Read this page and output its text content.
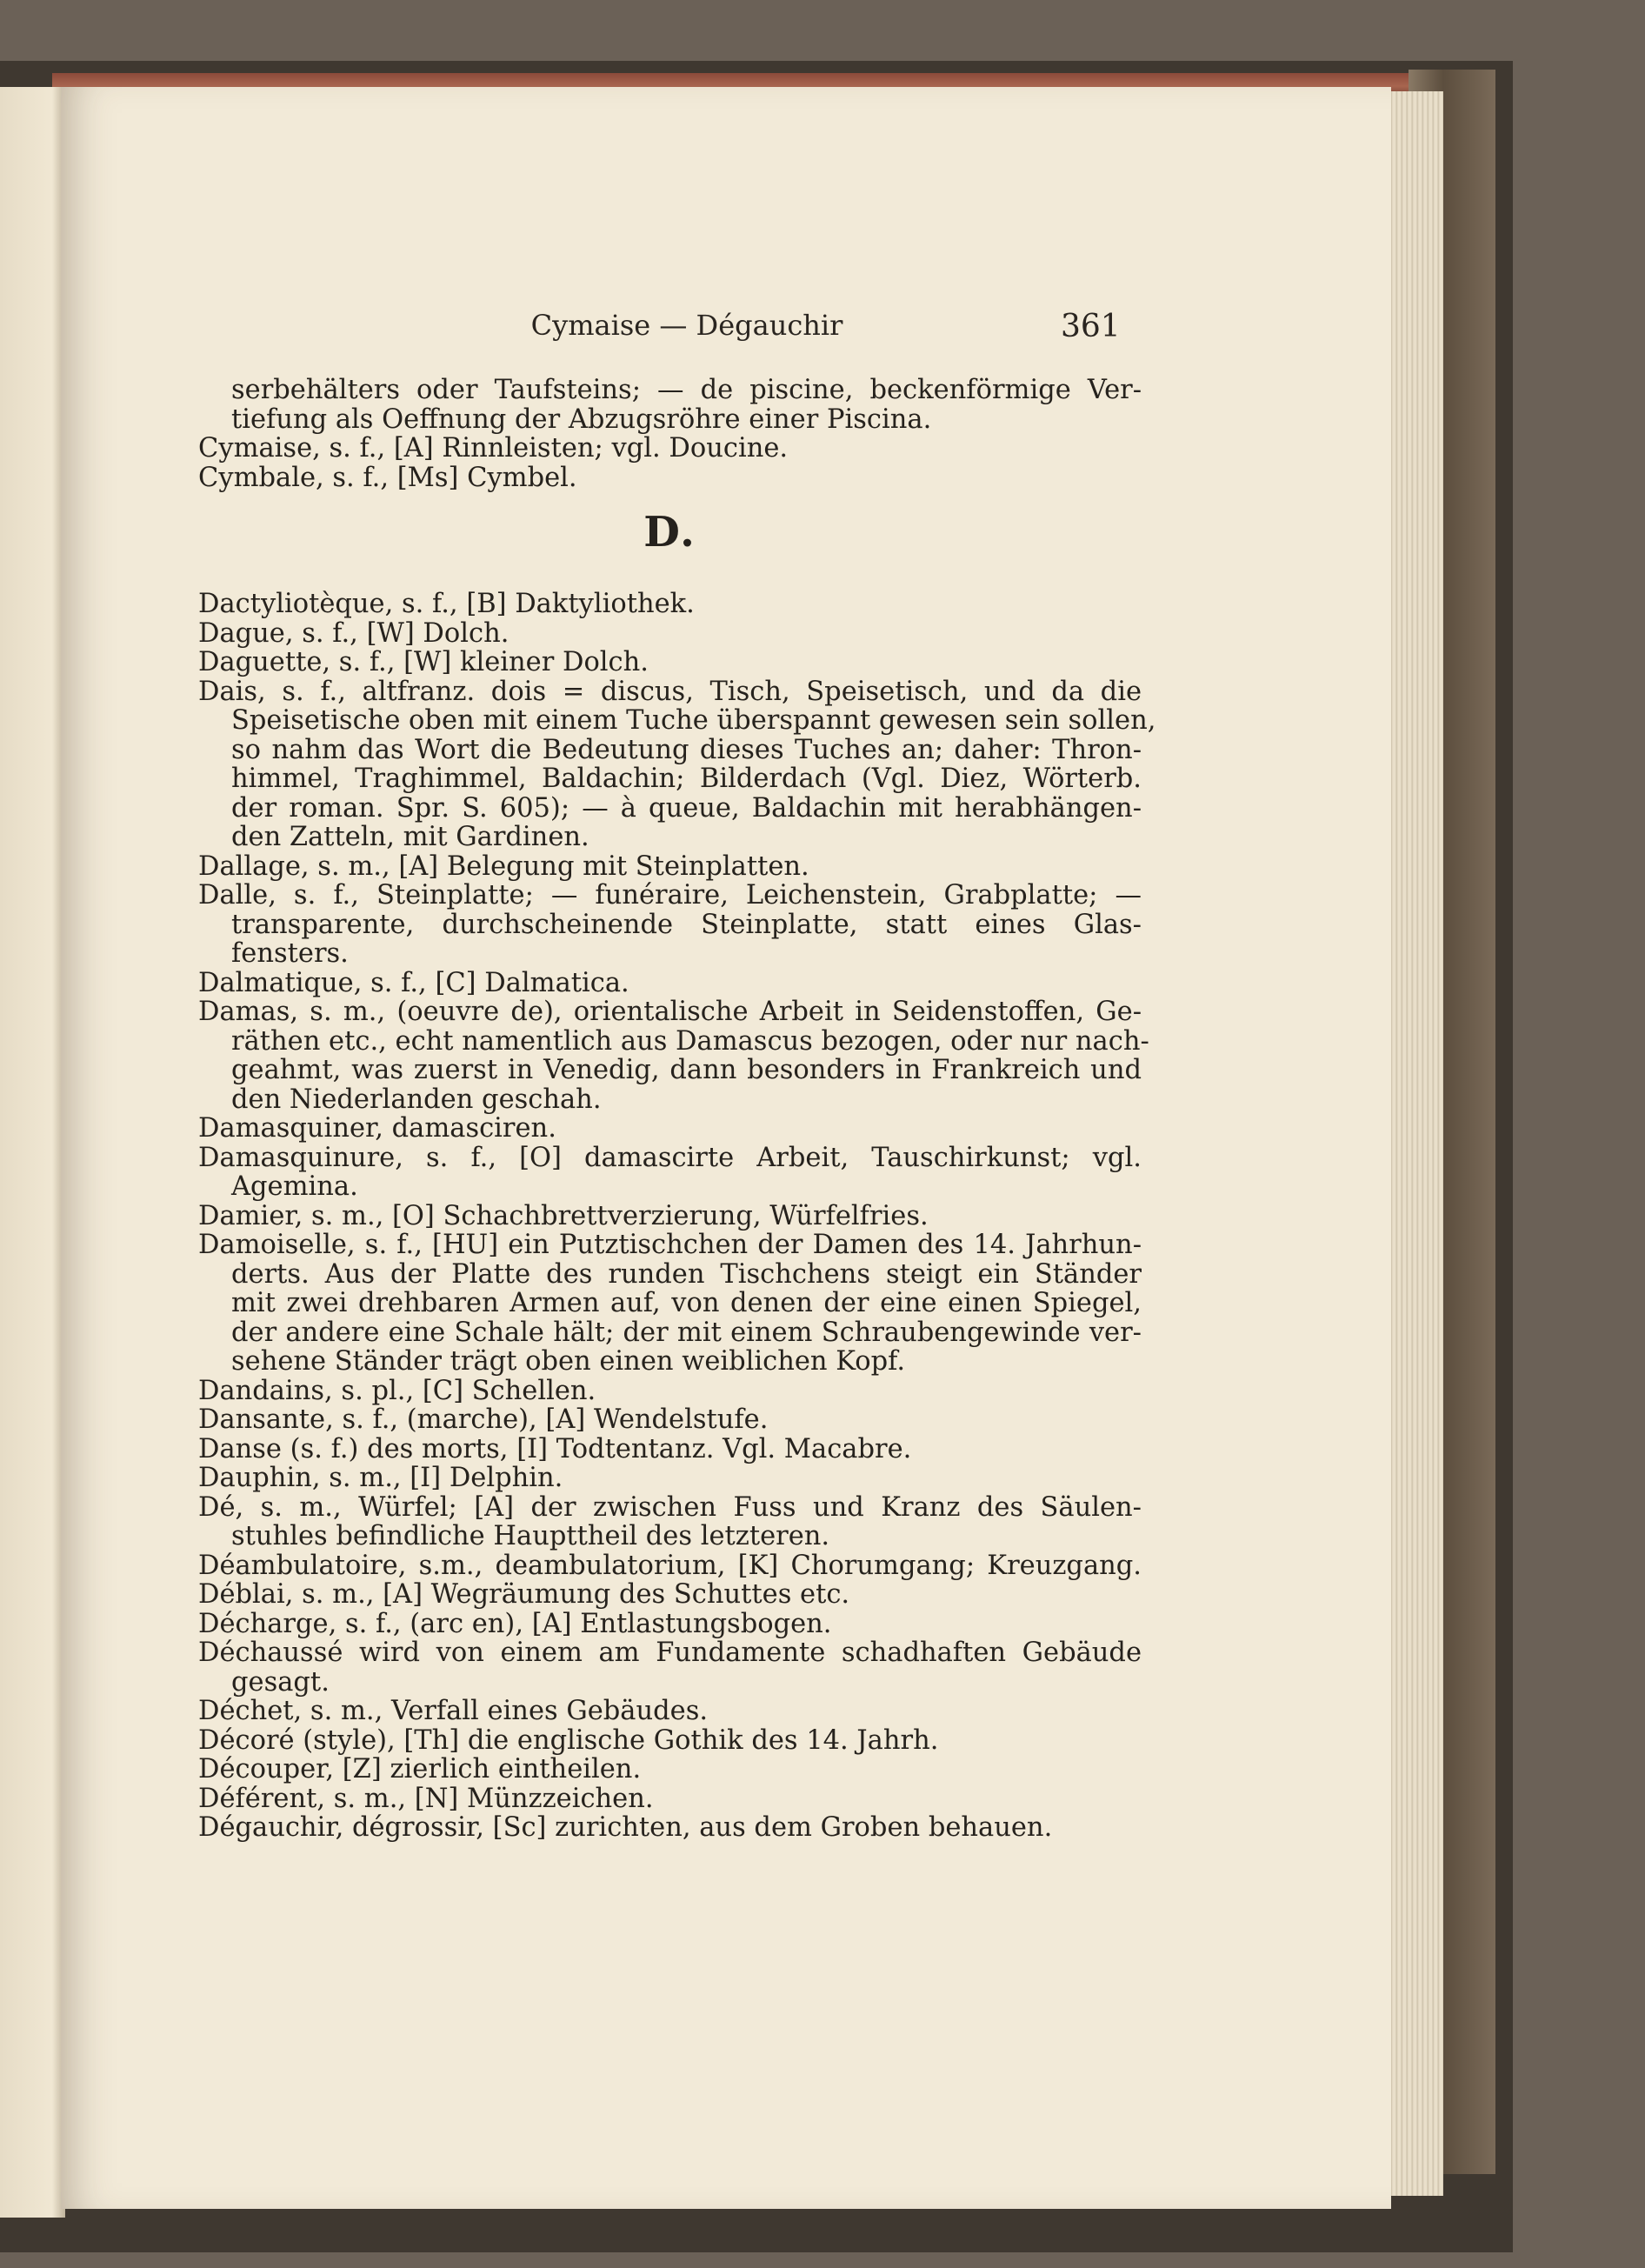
Cymaise — Dégauchir	361
serbehälters oder Taufsteins; — de piscine, beckenförmige Ver-
tiefung als Oeffnung der Abzugsröhre einer Piscina.
Cymaise, s. f., [A] Rinnleisten; vgl. Doucine.
Cymbale, s. f., [Ms] Cymbel.
D.
Dactyliotèque, s. f., [B] Daktyliothek.
Dague, s. f., [W] Dolch.
Daguette, s. f., [W] kleiner Dolch.
Dais, s. f., altfranz. dois = discus, Tisch, Speisetisch, und da die
Speisetische oben mit einem Tuche überspannt gewesen sein sollen,
so nahm das Wort die Bedeutung dieses Tuches an; daher: Thron-
himmel, Traghimmel, Baldachin; Bilderdach (Vgl. Diez, Wörterb.
der roman. Spr. S. 605); — à queue, Baldachin mit herabhängen-
den Zatteln, mit Gardinen.
Dallage, s. m., [A] Belegung mit Steinplatten.
Dalle, s. f., Steinplatte; — funéraire, Leichenstein, Grabplatte; —
transparente, durchscheinende Steinplatte, statt eines Glas-
fensters.
Dalmatique, s. f., [C] Dalmatica.
Damas, s. m., (oeuvre de), orientalische Arbeit in Seidenstoffen, Ge-
räthen etc., echt namentlich aus Damascus bezogen, oder nur nach-
geahmt, was zuerst in Venedig, dann besonders in Frankreich und
den Niederlanden geschah.
Damasquiner, damasciren.
Damasquinure, s. f., [O] damascirte Arbeit, Tauschirkunst; vgl.
Agemina.
Damier, s. m., [O] Schachbrettverzierung, Würfelfries.
Damoiselle, s. f., [HU] ein Putztischchen der Damen des 14. Jahrhun-
derts. Aus der Platte des runden Tischchens steigt ein Ständer
mit zwei drehbaren Armen auf, von denen der eine einen Spiegel,
der andere eine Schale hält; der mit einem Schraubengewinde ver-
sehene Ständer trägt oben einen weiblichen Kopf.
Dandains, s. pl., [C] Schellen.
Dansante, s. f., (marche), [A] Wendelstufe.
Danse (s. f.) des morts, [I] Todtentanz. Vgl. Macabre.
Dauphin, s. m., [I] Delphin.
Dé, s. m., Würfel; [A] der zwischen Fuss und Kranz des Säulen-
stuhles befindliche Haupttheil des letzteren.
Déambulatoire, s.m., deambulatorium, [K] Chorumgang; Kreuzgang.
Déblai, s. m., [A] Wegräumung des Schuttes etc.
Décharge, s. f., (arc en), [A] Entlastungsbogen.
Déchaussé wird von einem am Fundamente schadhaften Gebäude
gesagt.
Déchet, s. m., Verfall eines Gebäudes.
Décoré (style), [Th] die englische Gothik des 14. Jahrh.
Découper, [Z] zierlich eintheilen.
Déférent, s. m., [N] Münzzeichen.
Dégauchir, dégrossir, [Sc] zurichten, aus dem Groben behauen.
